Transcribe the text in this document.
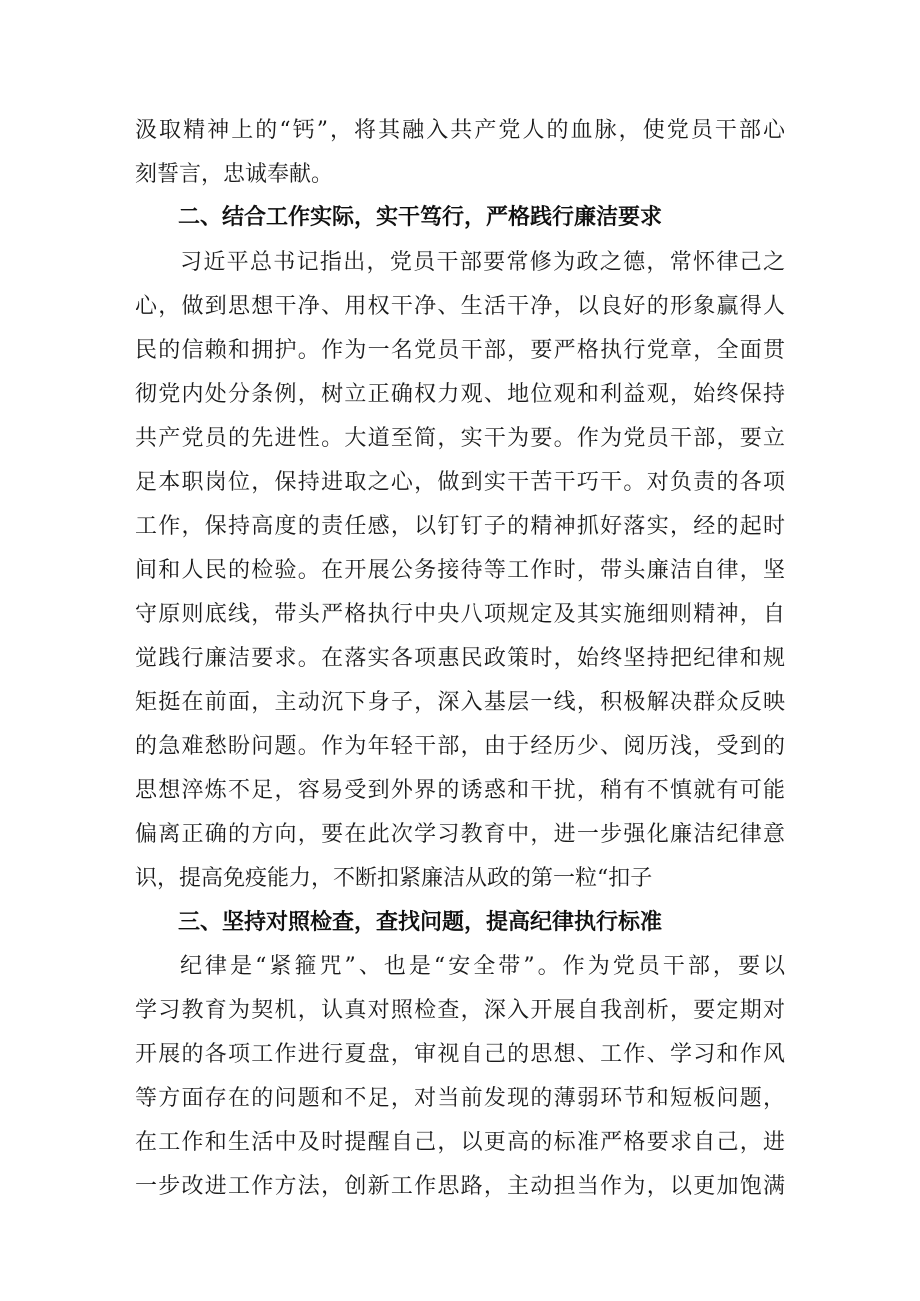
汲取精神上的“钙”，将其融入共产党人的血脉，使党员干部心
刻誓言，忠诚奉献。
二、结合工作实际，实干笃行，严格践行廉洁要求
习近平总书记指出，党员干部要常修为政之德，常怀律己之
心，做到思想干净、用权干净、生活干净，以良好的形象赢得人
民的信赖和拥护。作为一名党员干部，要严格执行党章，全面贯
彻党内处分条例，树立正确权力观、地位观和利益观，始终保持
共产党员的先进性。大道至简，实干为要。作为党员干部，要立
足本职岗位，保持进取之心，做到实干苦干巧干。对负责的各项
工作，保持高度的责任感，以钉钉子的精神抓好落实，经的起时
间和人民的检验。在开展公务接待等工作时，带头廉洁自律，坚
守原则底线，带头严格执行中央八项规定及其实施细则精神，自
觉践行廉洁要求。在落实各项惠民政策时，始终坚持把纪律和规
矩挺在前面，主动沉下身子，深入基层一线，积极解决群众反映
的急难愁盼问题。作为年轻干部，由于经历少、阅历浅，受到的
思想淬炼不足，容易受到外界的诱惑和干扰，稍有不慎就有可能
偏离正确的方向，要在此次学习教育中，进一步强化廉洁纪律意
识，提高免疫能力，不断扣紧廉洁从政的第一粒“扣子
三、坚持对照检查，查找问题，提高纪律执行标准
纪律是“紧箍咒”、也是“安全带”。作为党员干部，要以
学习教育为契机，认真对照检查，深入开展自我剖析，要定期对
开展的各项工作进行夏盘，审视自己的思想、工作、学习和作风
等方面存在的问题和不足，对当前发现的薄弱环节和短板问题，
在工作和生活中及时提醒自己，以更高的标准严格要求自己，进
一步改进工作方法，创新工作思路，主动担当作为，以更加饱满
